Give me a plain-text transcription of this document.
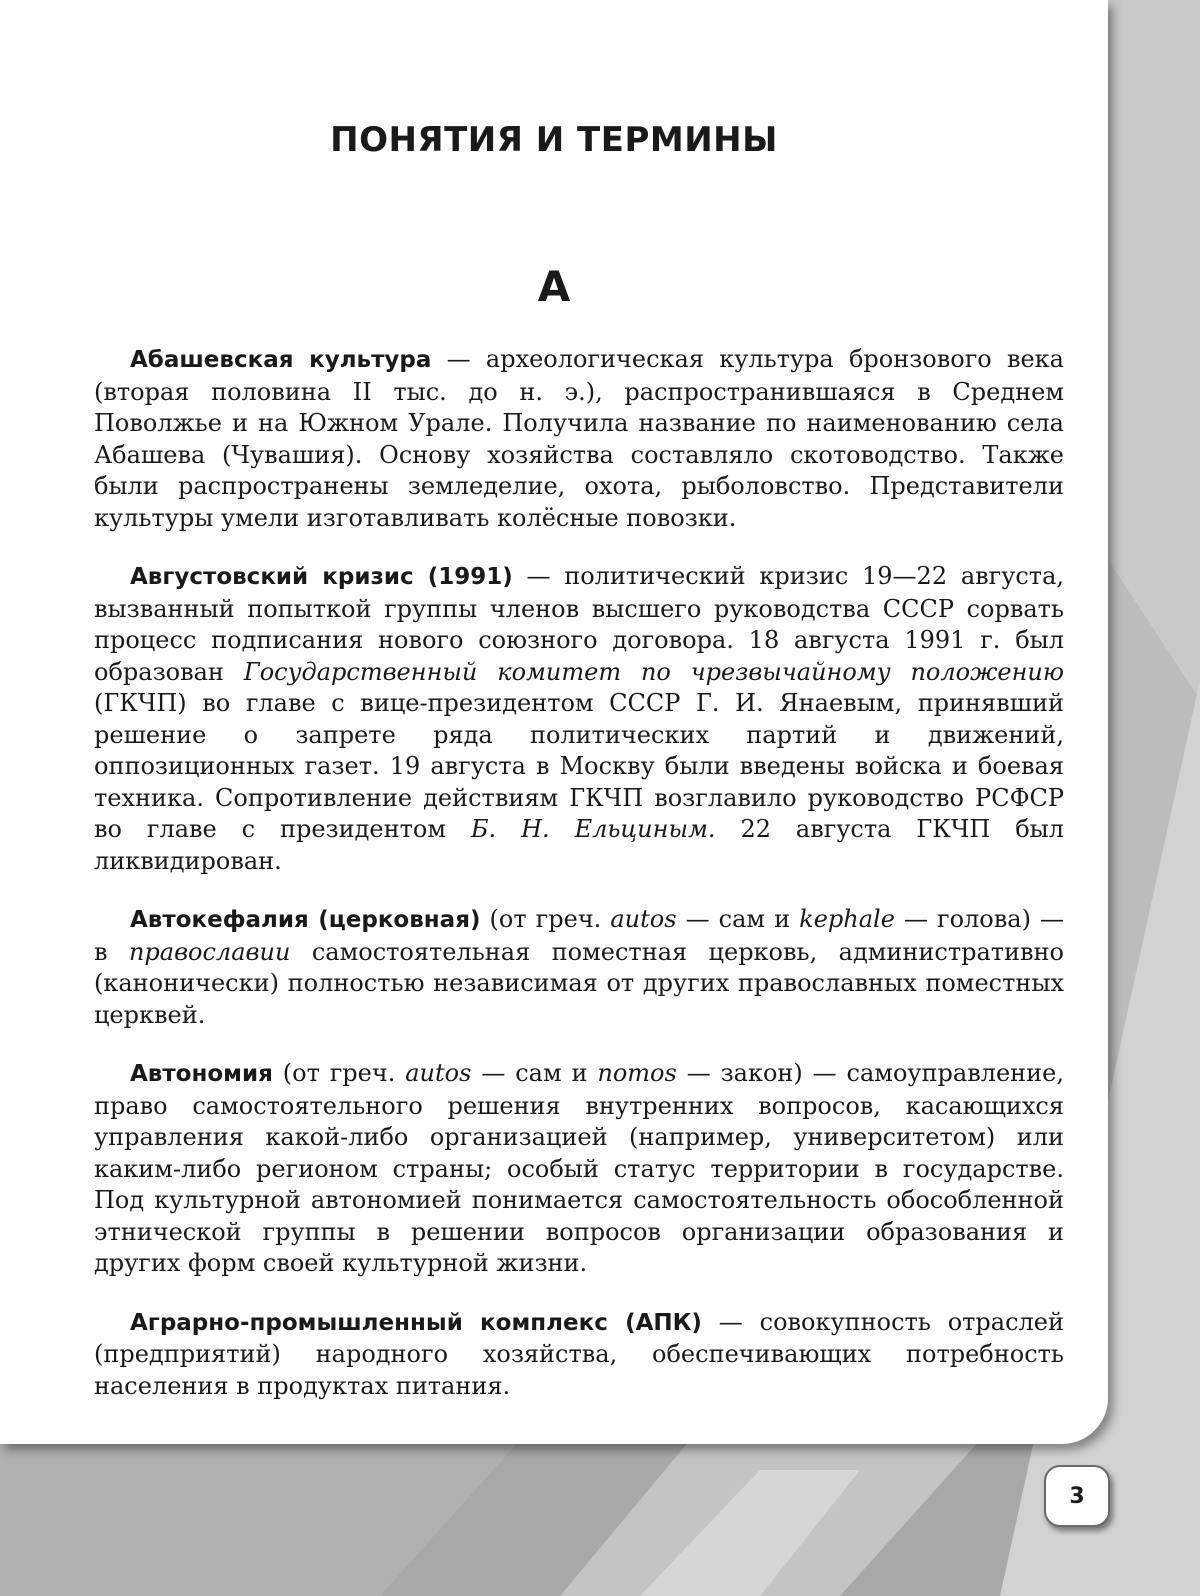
ПОНЯТИЯ И ТЕРМИНЫ
А

Абашевская культура — археологическая культура бронзового века (вторая половина II тыс. до н. э.), распространившаяся в Среднем Поволжье и на Южном Урале. Получила название по наименованию села Абашева (Чувашия). Основу хозяйства составляло скотоводство. Также были распространены земледелие, охота, рыболовство. Представители культуры умели изготавливать колёсные повозки.

Августовский кризис (1991) — политический кризис 19—22 августа, вызванный попыткой группы членов высшего руководства СССР сорвать процесс подписания нового союзного договора. 18 августа 1991 г. был образован Государственный комитет по чрезвычайному положению (ГКЧП) во главе с вице-президентом СССР Г. И. Янаевым, принявший решение о запрете ряда политических партий и движений, оппозиционных газет. 19 августа в Москву были введены войска и боевая техника. Сопротивление действиям ГКЧП возглавило руководство РСФСР во главе с президентом Б. Н. Ельциным. 22 августа ГКЧП был ликвидирован.

Автокефалия (церковная) (от греч. autos — сам и kephale — голова) — в православии самостоятельная поместная церковь, административно (канонически) полностью независимая от других православных поместных церквей.

Автономия (от греч. autos — сам и nomos — закон) — самоуправление, право самостоятельного решения внутренних вопросов, касающихся управления какой-либо организацией (например, университетом) или каким-либо регионом страны; особый статус территории в государстве. Под культурной автономией понимается самостоятельность обособленной этнической группы в решении вопросов организации образования и других форм своей культурной жизни.

Аграрно-промышленный комплекс (АПК) — совокупность отраслей (предприятий) народного хозяйства, обеспечивающих потребность населения в продуктах питания.

3
